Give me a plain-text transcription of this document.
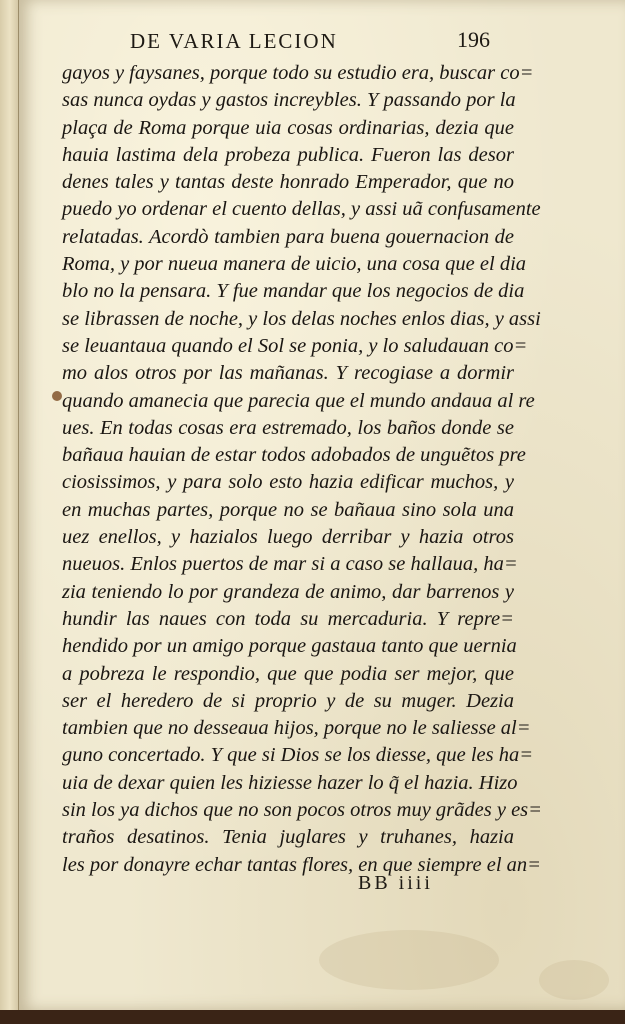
DE VARIA LECION	196
gayos y faysanes, porque todo su estudio era, buscar co=
sas nunca oydas y gastos increybles. Y passando por la
plaça de Roma porque uia cosas ordinarias, dezia que
hauia lastima dela probeza publica. Fueron las desor
denes tales y tantas deste honrado Emperador, que no
puedo yo ordenar el cuento dellas, y assi uã confusamente
relatadas. Acordò tambien para buena gouernacion de
Roma, y por nueua manera de uicio, una cosa que el dia
blo no la pensara. Y fue mandar que los negocios de dia
se librassen de noche, y los delas noches enlos dias, y assi
se leuantaua quando el Sol se ponia, y lo saludauan co=
mo alos otros por las mañanas. Y recogiase a dormir
quando amanecia que parecia que el mundo andaua al re
ues. En todas cosas era estremado, los baños donde se
bañaua hauian de estar todos adobados de unguẽtos pre
ciosissimos, y para solo esto hazia edificar muchos, y
en muchas partes, porque no se bañaua sino sola una
uez enellos, y hazialos luego derribar y hazia otros
nueuos. Enlos puertos de mar si a caso se hallaua, ha=
zia teniendo lo por grandeza de animo, dar barrenos y
hundir las naues con toda su mercaduria. Y repre=
hendido por un amigo porque gastaua tanto que uernia
a pobreza le respondio, que que podia ser mejor, que
ser el heredero de si proprio y de su muger. Dezia
tambien que no desseaua hijos, porque no le saliesse al=
guno concertado. Y que si Dios se los diesse, que les ha=
uia de dexar quien les hiziesse hazer lo q̃ el hazia. Hizo
sin los ya dichos que no son pocos otros muy grãdes y es=
traños desatinos. Tenia juglares y truhanes, hazia
les por donayre echar tantas flores, en que siempre el an=
BB iiii
